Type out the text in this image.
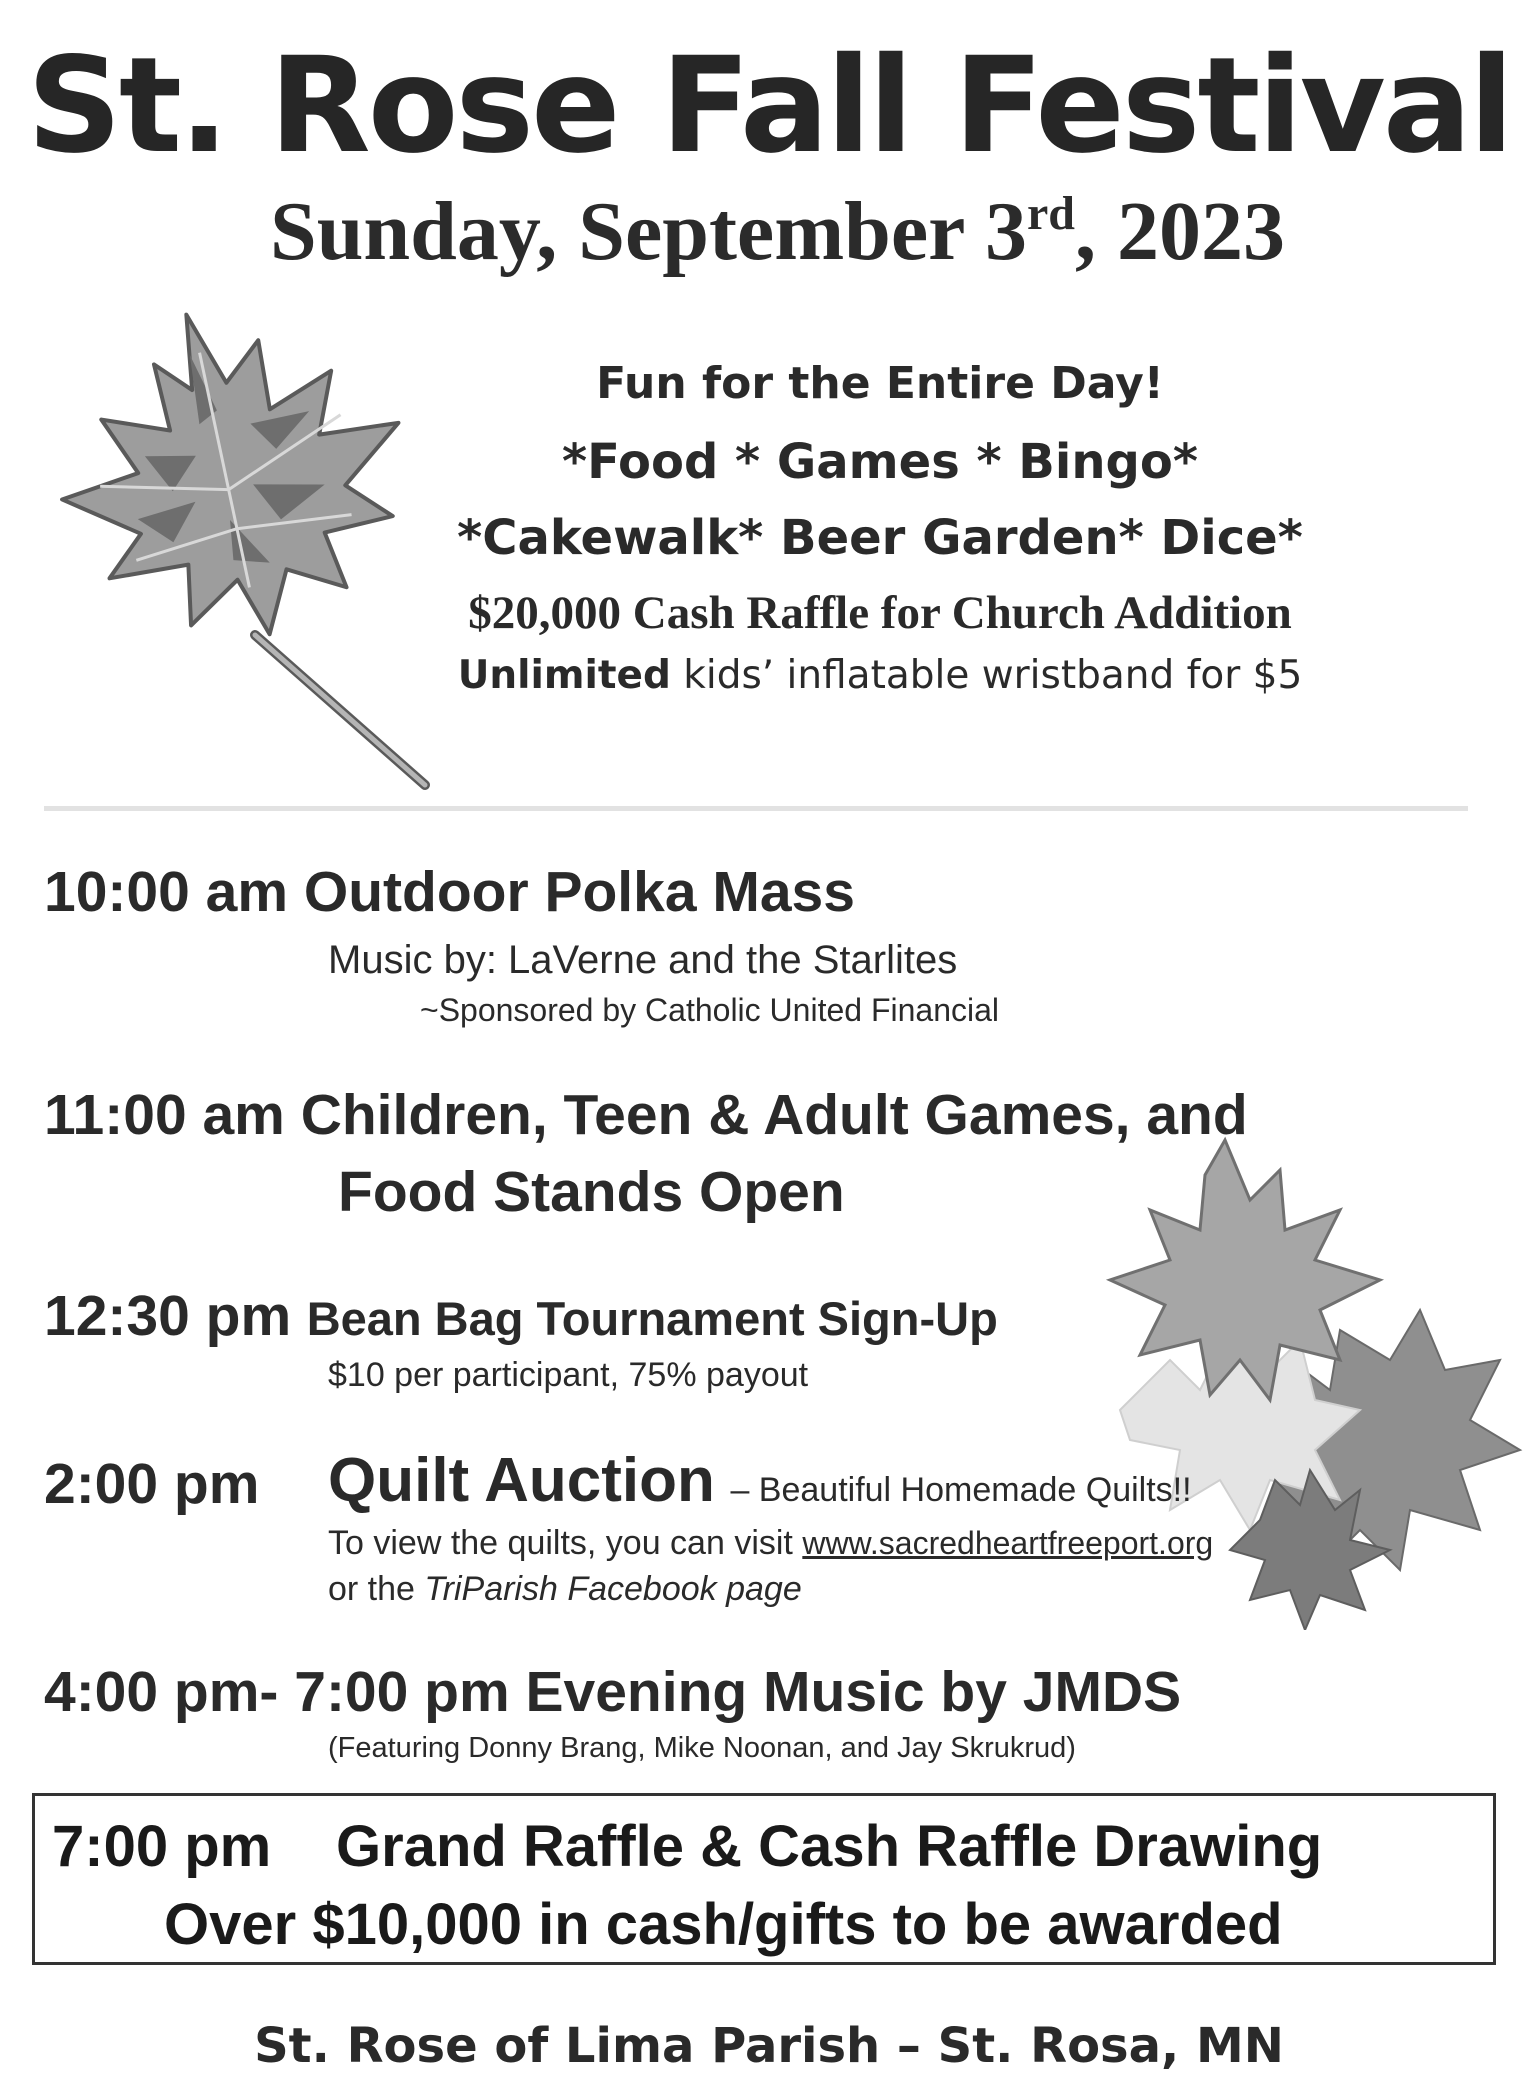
St. Rose Fall Festival
Sunday, September 3rd, 2023
Fun for the Entire Day!
*Food * Games * Bingo*
*Cakewalk* Beer Garden* Dice*
$20,000 Cash Raffle for Church Addition
Unlimited kids’ inflatable wristband for $5
10:00 am Outdoor Polka Mass
Music by: LaVerne and the Starlites
~Sponsored by Catholic United Financial
11:00 am Children, Teen & Adult Games, and
Food Stands Open
12:30 pm Bean Bag Tournament Sign-Up
$10 per participant, 75% payout
2:00 pm Quilt Auction – Beautiful Homemade Quilts!!
To view the quilts, you can visit www.sacredheartfreeport.org
or the TriParish Facebook page
4:00 pm- 7:00 pm Evening Music by JMDS
(Featuring Donny Brang, Mike Noonan, and Jay Skrukrud)
7:00 pm Grand Raffle & Cash Raffle Drawing
Over $10,000 in cash/gifts to be awarded
St. Rose of Lima Parish – St. Rosa, MN
